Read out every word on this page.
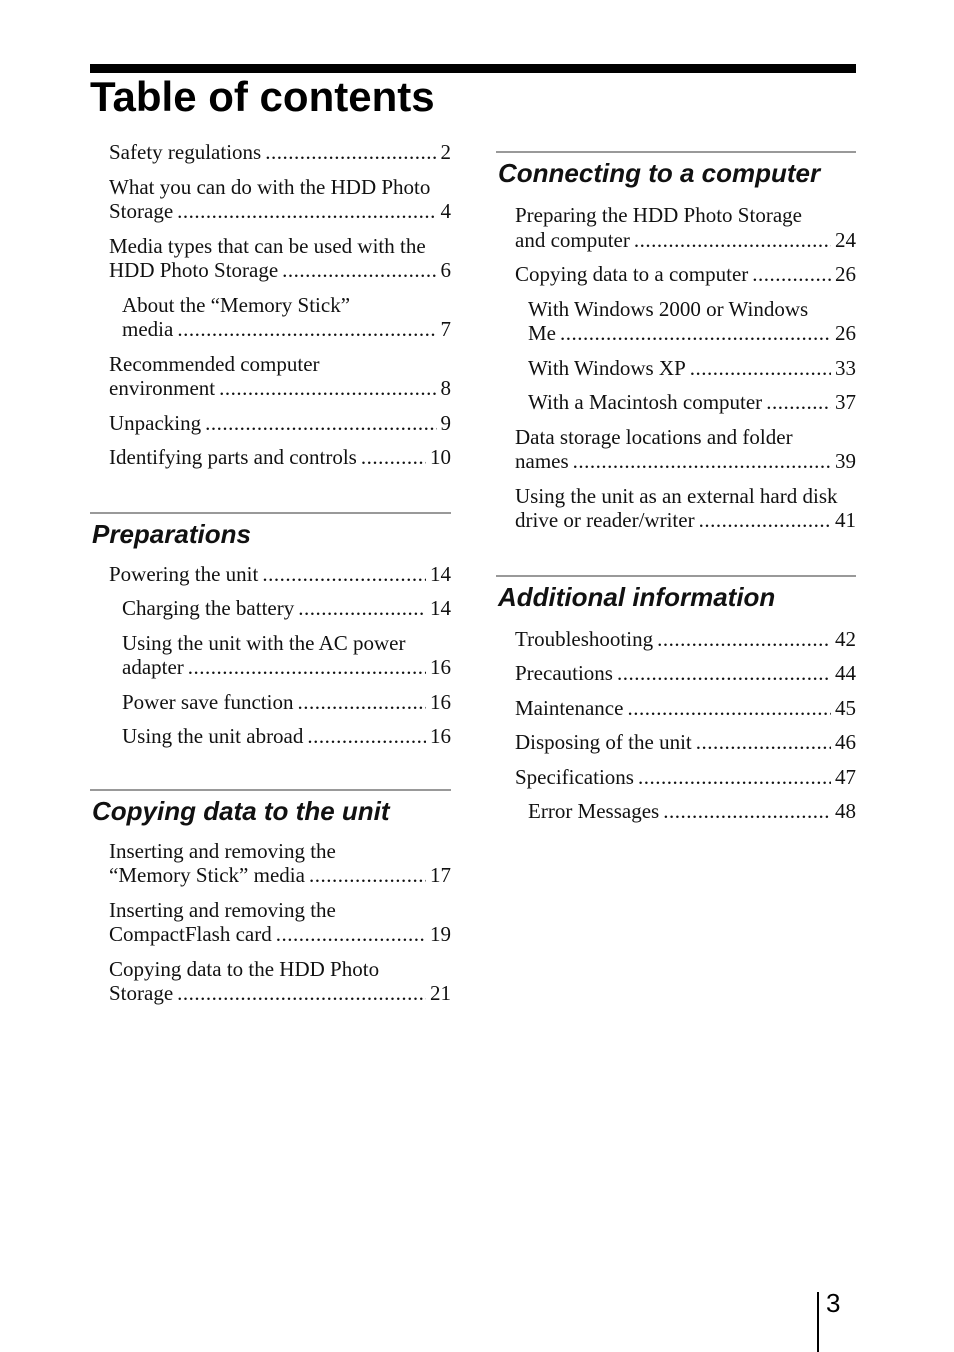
Table of contents
Safety regulations .....	2
What you can do with the HDD Photo
Storage .....	4
Media types that can be used with the
HDD Photo Storage .....	6
About the “Memory Stick”
media .....	7
Recommended computer
environment .....	8
Unpacking .....	9
Identifying parts and controls .....	10
Preparations
Powering the unit .....	14
Charging the battery .....	14
Using the unit with the AC power
adapter .....	16
Power save function .....	16
Using the unit abroad .....	16
Copying data to the unit
Inserting and removing the
“Memory Stick” media .....	17
Inserting and removing the
CompactFlash card .....	19
Copying data to the HDD Photo
Storage .....	21
Connecting to a computer
Preparing the HDD Photo Storage
and computer .....	24
Copying data to a computer .....	26
With Windows 2000 or Windows
Me .....	26
With Windows XP .....	33
With a Macintosh computer .....	37
Data storage locations and folder
names .....	39
Using the unit as an external hard disk
drive or reader/writer .....	41
Additional information
Troubleshooting .....	42
Precautions .....	44
Maintenance .....	45
Disposing of the unit .....	46
Specifications .....	47
Error Messages .....	48
3
